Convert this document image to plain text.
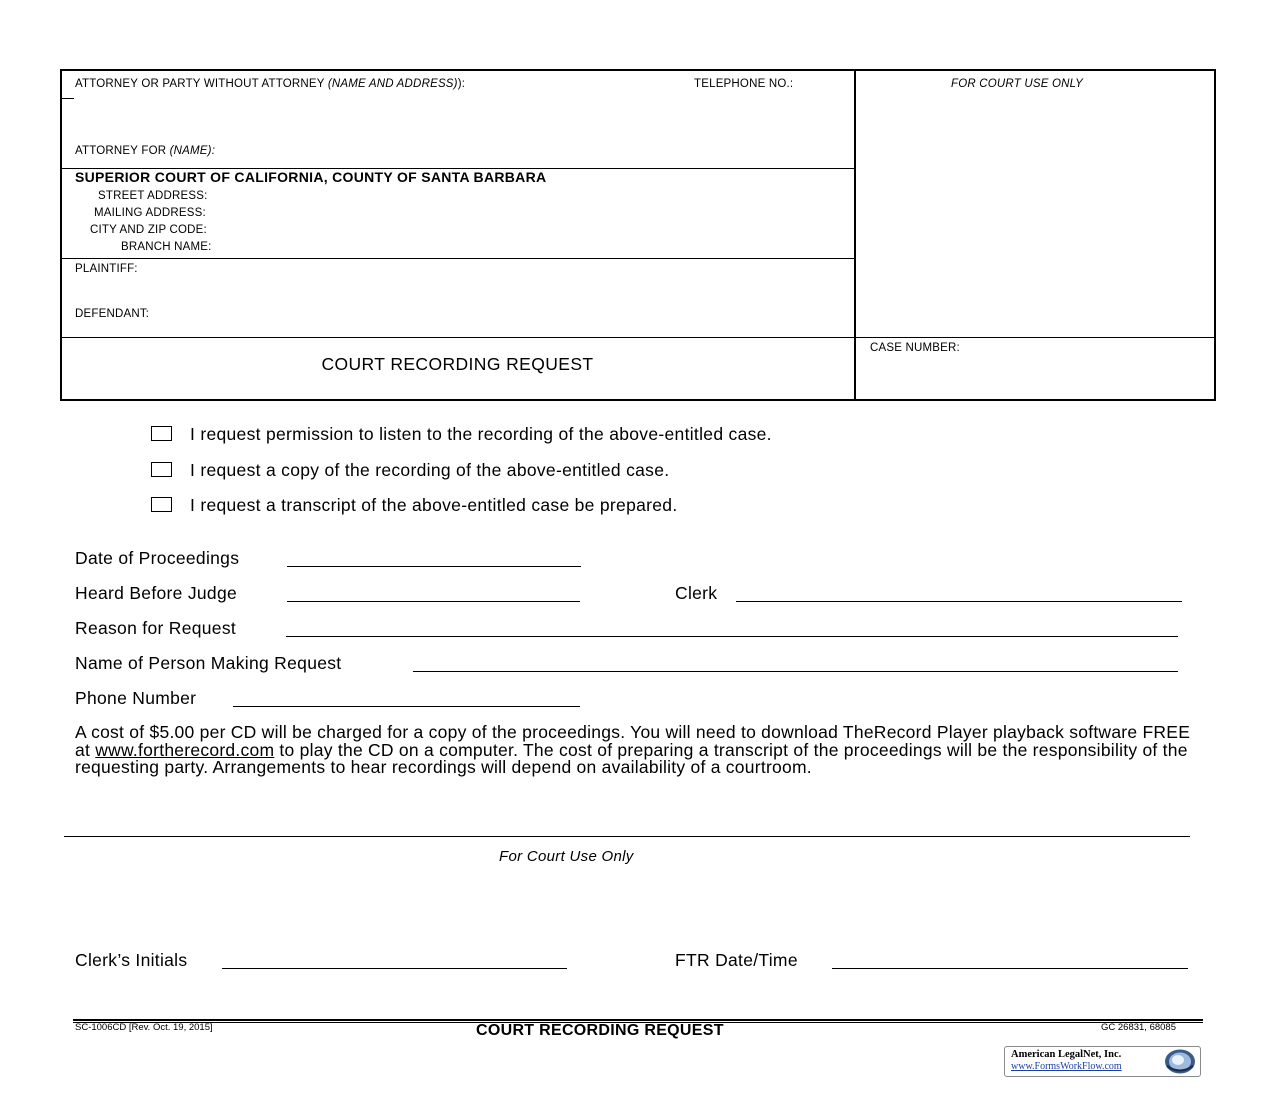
ATTORNEY OR PARTY WITHOUT ATTORNEY (NAME AND ADDRESS)):	TELEPHONE NO.:	FOR COURT USE ONLY
ATTORNEY FOR (NAME):
SUPERIOR COURT OF CALIFORNIA, COUNTY OF SANTA BARBARA
STREET ADDRESS:
MAILING ADDRESS:
CITY AND ZIP CODE:
BRANCH NAME:
PLAINTIFF:
DEFENDANT:
COURT RECORDING REQUEST
CASE NUMBER:
I request permission to listen to the recording of the above-entitled case.
I request a copy of the recording of the above-entitled case.
I request a transcript of the above-entitled case be prepared.
Date of Proceedings
Heard Before Judge	Clerk
Reason for Request
Name of Person Making Request
Phone Number
A cost of $5.00 per CD will be charged for a copy of the proceedings. You will need to download TheRecord Player playback software FREE at www.fortherecord.com to play the CD on a computer. The cost of preparing a transcript of the proceedings will be the responsibility of the requesting party. Arrangements to hear recordings will depend on availability of a courtroom.
For Court Use Only
Clerk’s Initials	FTR Date/Time
SC-1006CD [Rev. Oct. 19, 2015]	COURT RECORDING REQUEST	GC 26831, 68085
American LegalNet, Inc.
www.FormsWorkFlow.com
